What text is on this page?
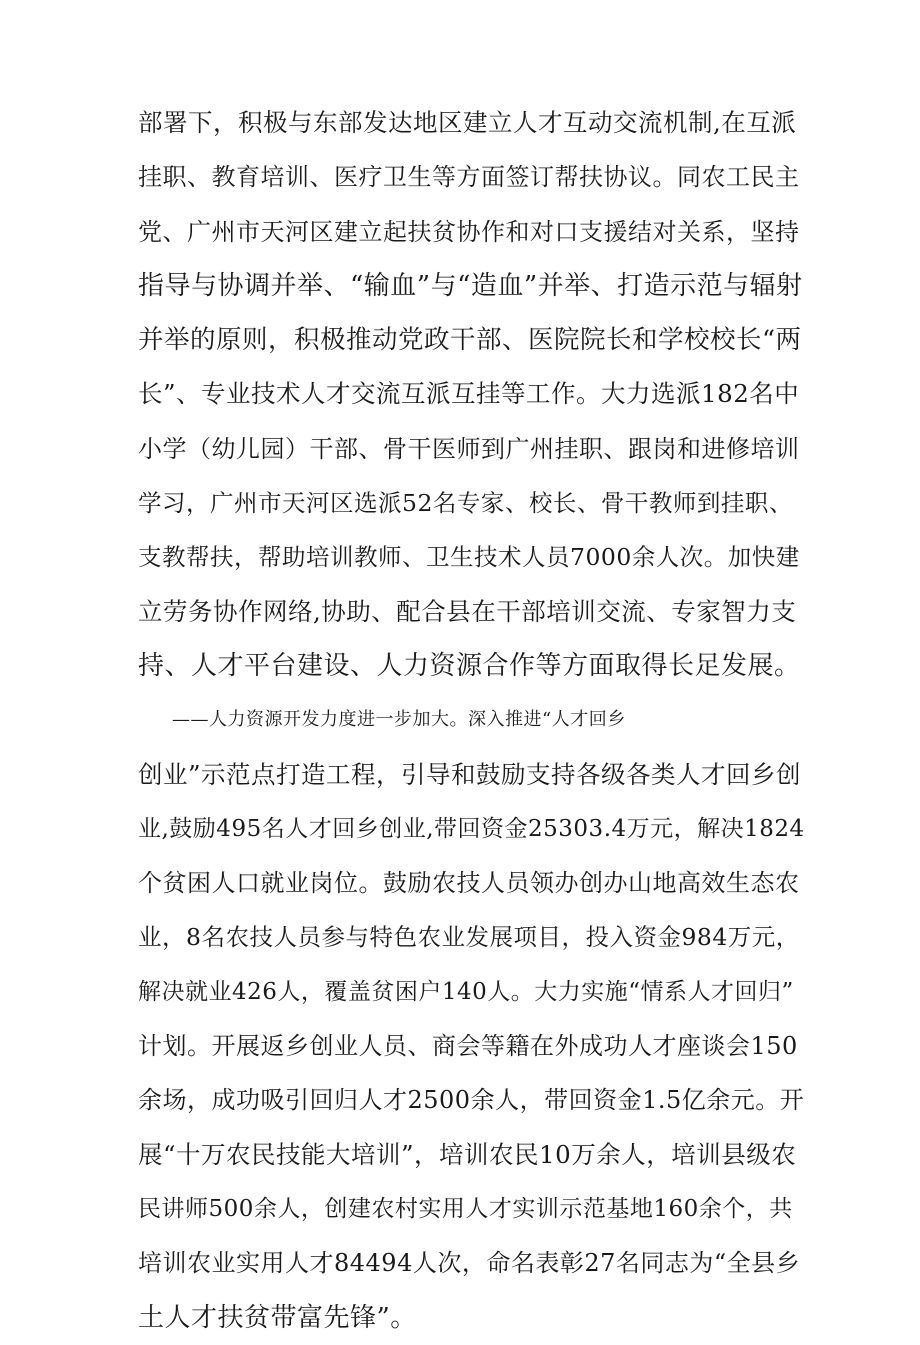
部署下，积极与东部发达地区建立人才互动交流机制,在互派
挂职、教育培训、医疗卫生等方面签订帮扶协议。同农工民主
党、广州市天河区建立起扶贫协作和对口支援结对关系，坚持
指导与协调并举、“输血”与“造血”并举、打造示范与辐射
并举的原则，积极推动党政干部、医院院长和学校校长“两
长”、专业技术人才交流互派互挂等工作。大力选派182名中
小学（幼儿园）干部、骨干医师到广州挂职、跟岗和进修培训
学习，广州市天河区选派52名专家、校长、骨干教师到挂职、
支教帮扶，帮助培训教师、卫生技术人员7000余人次。加快建
立劳务协作网络,协助、配合县在干部培训交流、专家智力支
持、人才平台建设、人力资源合作等方面取得长足发展。
——人力资源开发力度进一步加大。深入推进“人才回乡
创业”示范点打造工程，引导和鼓励支持各级各类人才回乡创
业,鼓励495名人才回乡创业,带回资金25303.4万元，解决1824
个贫困人口就业岗位。鼓励农技人员领办创办山地高效生态农
业，8名农技人员参与特色农业发展项目，投入资金984万元，
解决就业426人，覆盖贫困户140人。大力实施“情系人才回归”
计划。开展返乡创业人员、商会等籍在外成功人才座谈会150
余场，成功吸引回归人才2500余人，带回资金1.5亿余元。开
展“十万农民技能大培训”，培训农民10万余人，培训县级农
民讲师500余人，创建农村实用人才实训示范基地160余个，共
培训农业实用人才84494人次，命名表彰27名同志为“全县乡
土人才扶贫带富先锋”。
